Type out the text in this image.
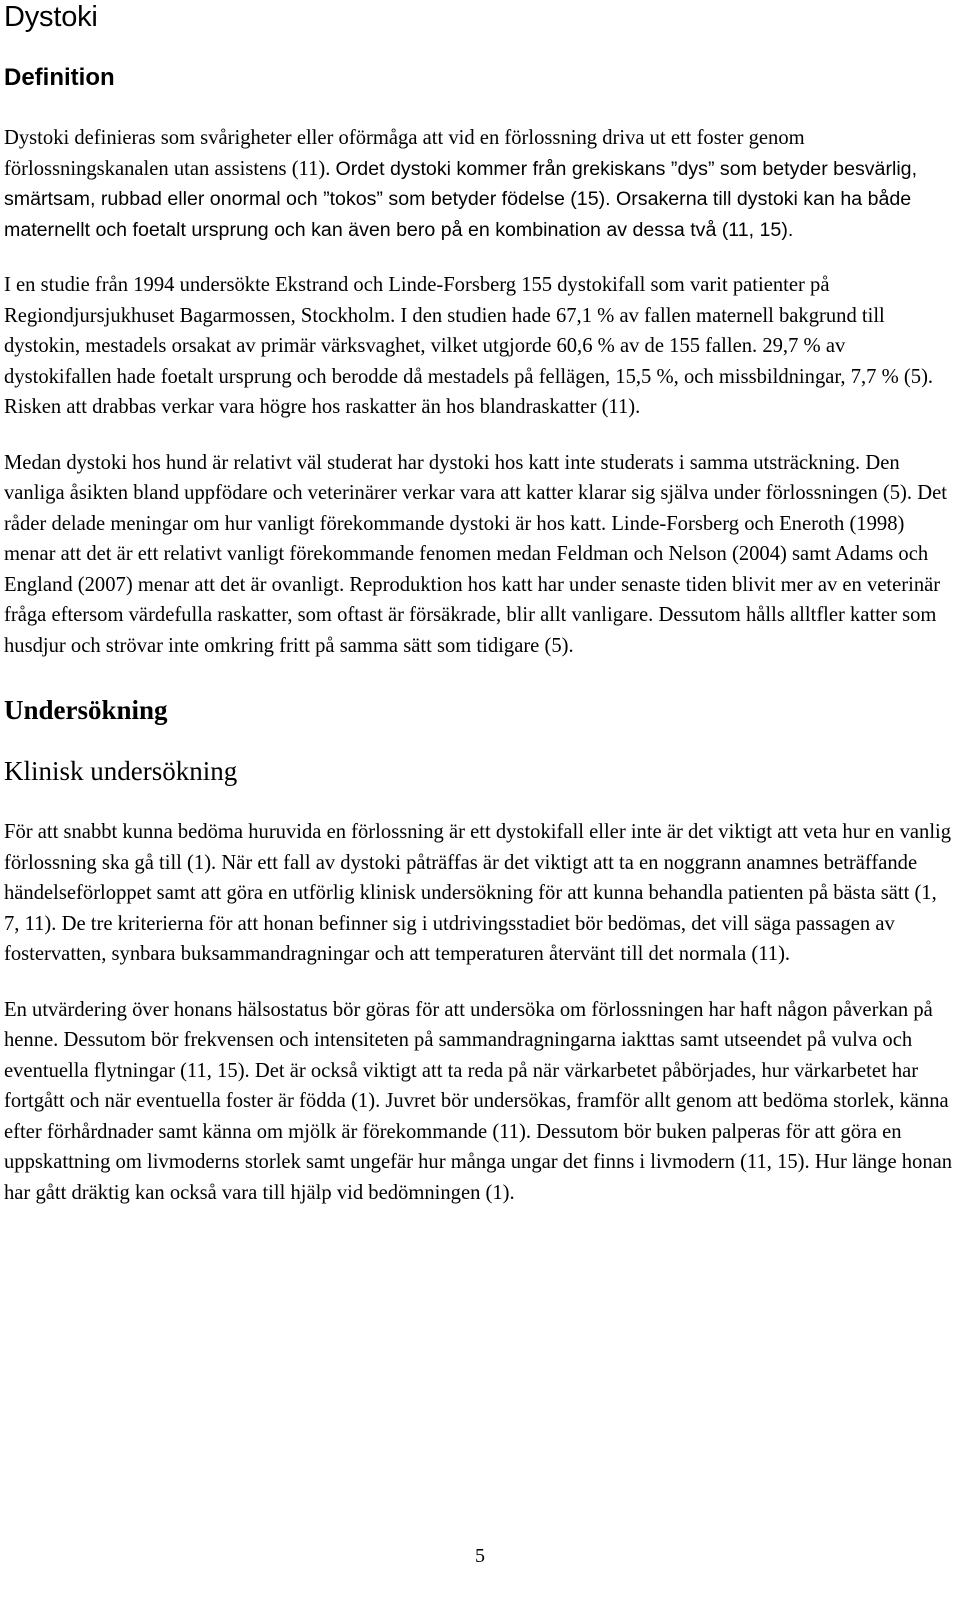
Dystoki
Definition

Dystoki definieras som svårigheter eller oförmåga att vid en förlossning driva ut ett foster genom förlossningskanalen utan assistens (11). Ordet dystoki kommer från grekiskans ”dys” som betyder besvärlig, smärtsam, rubbad eller onormal och ”tokos” som betyder födelse (15). Orsakerna till dystoki kan ha både maternellt och foetalt ursprung och kan även bero på en kombination av dessa två (11, 15).

I en studie från 1994 undersökte Ekstrand och Linde-Forsberg 155 dystokifall som varit patienter på Regiondjursjukhuset Bagarmossen, Stockholm. I den studien hade 67,1 % av fallen maternell bakgrund till dystokin, mestadels orsakat av primär värksvaghet, vilket utgjorde 60,6 % av de 155 fallen. 29,7 % av dystokifallen hade foetalt ursprung och berodde då mestadels på fellägen, 15,5 %, och missbildningar, 7,7 % (5). Risken att drabbas verkar vara högre hos raskatter än hos blandraskatter (11).

Medan dystoki hos hund är relativt väl studerat har dystoki hos katt inte studerats i samma utsträckning. Den vanliga åsikten bland uppfödare och veterinärer verkar vara att katter klarar sig själva under förlossningen (5). Det råder delade meningar om hur vanligt förekommande dystoki är hos katt. Linde-Forsberg och Eneroth (1998) menar att det är ett relativt vanligt förekommande fenomen medan Feldman och Nelson (2004) samt Adams och England (2007) menar att det är ovanligt. Reproduktion hos katt har under senaste tiden blivit mer av en veterinär fråga eftersom värdefulla raskatter, som oftast är försäkrade, blir allt vanligare. Dessutom hålls alltfler katter som husdjur och strövar inte omkring fritt på samma sätt som tidigare (5).

Undersökning
Klinisk undersökning

För att snabbt kunna bedöma huruvida en förlossning är ett dystokifall eller inte är det viktigt att veta hur en vanlig förlossning ska gå till (1). När ett fall av dystoki påträffas är det viktigt att ta en noggrann anamnes beträffande händelseförloppet samt att göra en utförlig klinisk undersökning för att kunna behandla patienten på bästa sätt (1, 7, 11). De tre kriterierna för att honan befinner sig i utdrivingsstadiet bör bedömas, det vill säga passagen av fostervatten, synbara buksammandragningar och att temperaturen återvänt till det normala (11).

En utvärdering över honans hälsostatus bör göras för att undersöka om förlossningen har haft någon påverkan på henne. Dessutom bör frekvensen och intensiteten på sammandragningarna iakttas samt utseendet på vulva och eventuella flytningar (11, 15). Det är också viktigt att ta reda på när värkarbetet påbörjades, hur värkarbetet har fortgått och när eventuella foster är födda (1). Juvret bör undersökas, framför allt genom att bedöma storlek, känna efter förhårdnader samt känna om mjölk är förekommande (11). Dessutom bör buken palperas för att göra en uppskattning om livmoderns storlek samt ungefär hur många ungar det finns i livmodern (11, 15). Hur länge honan har gått dräktig kan också vara till hjälp vid bedömningen (1).

5
